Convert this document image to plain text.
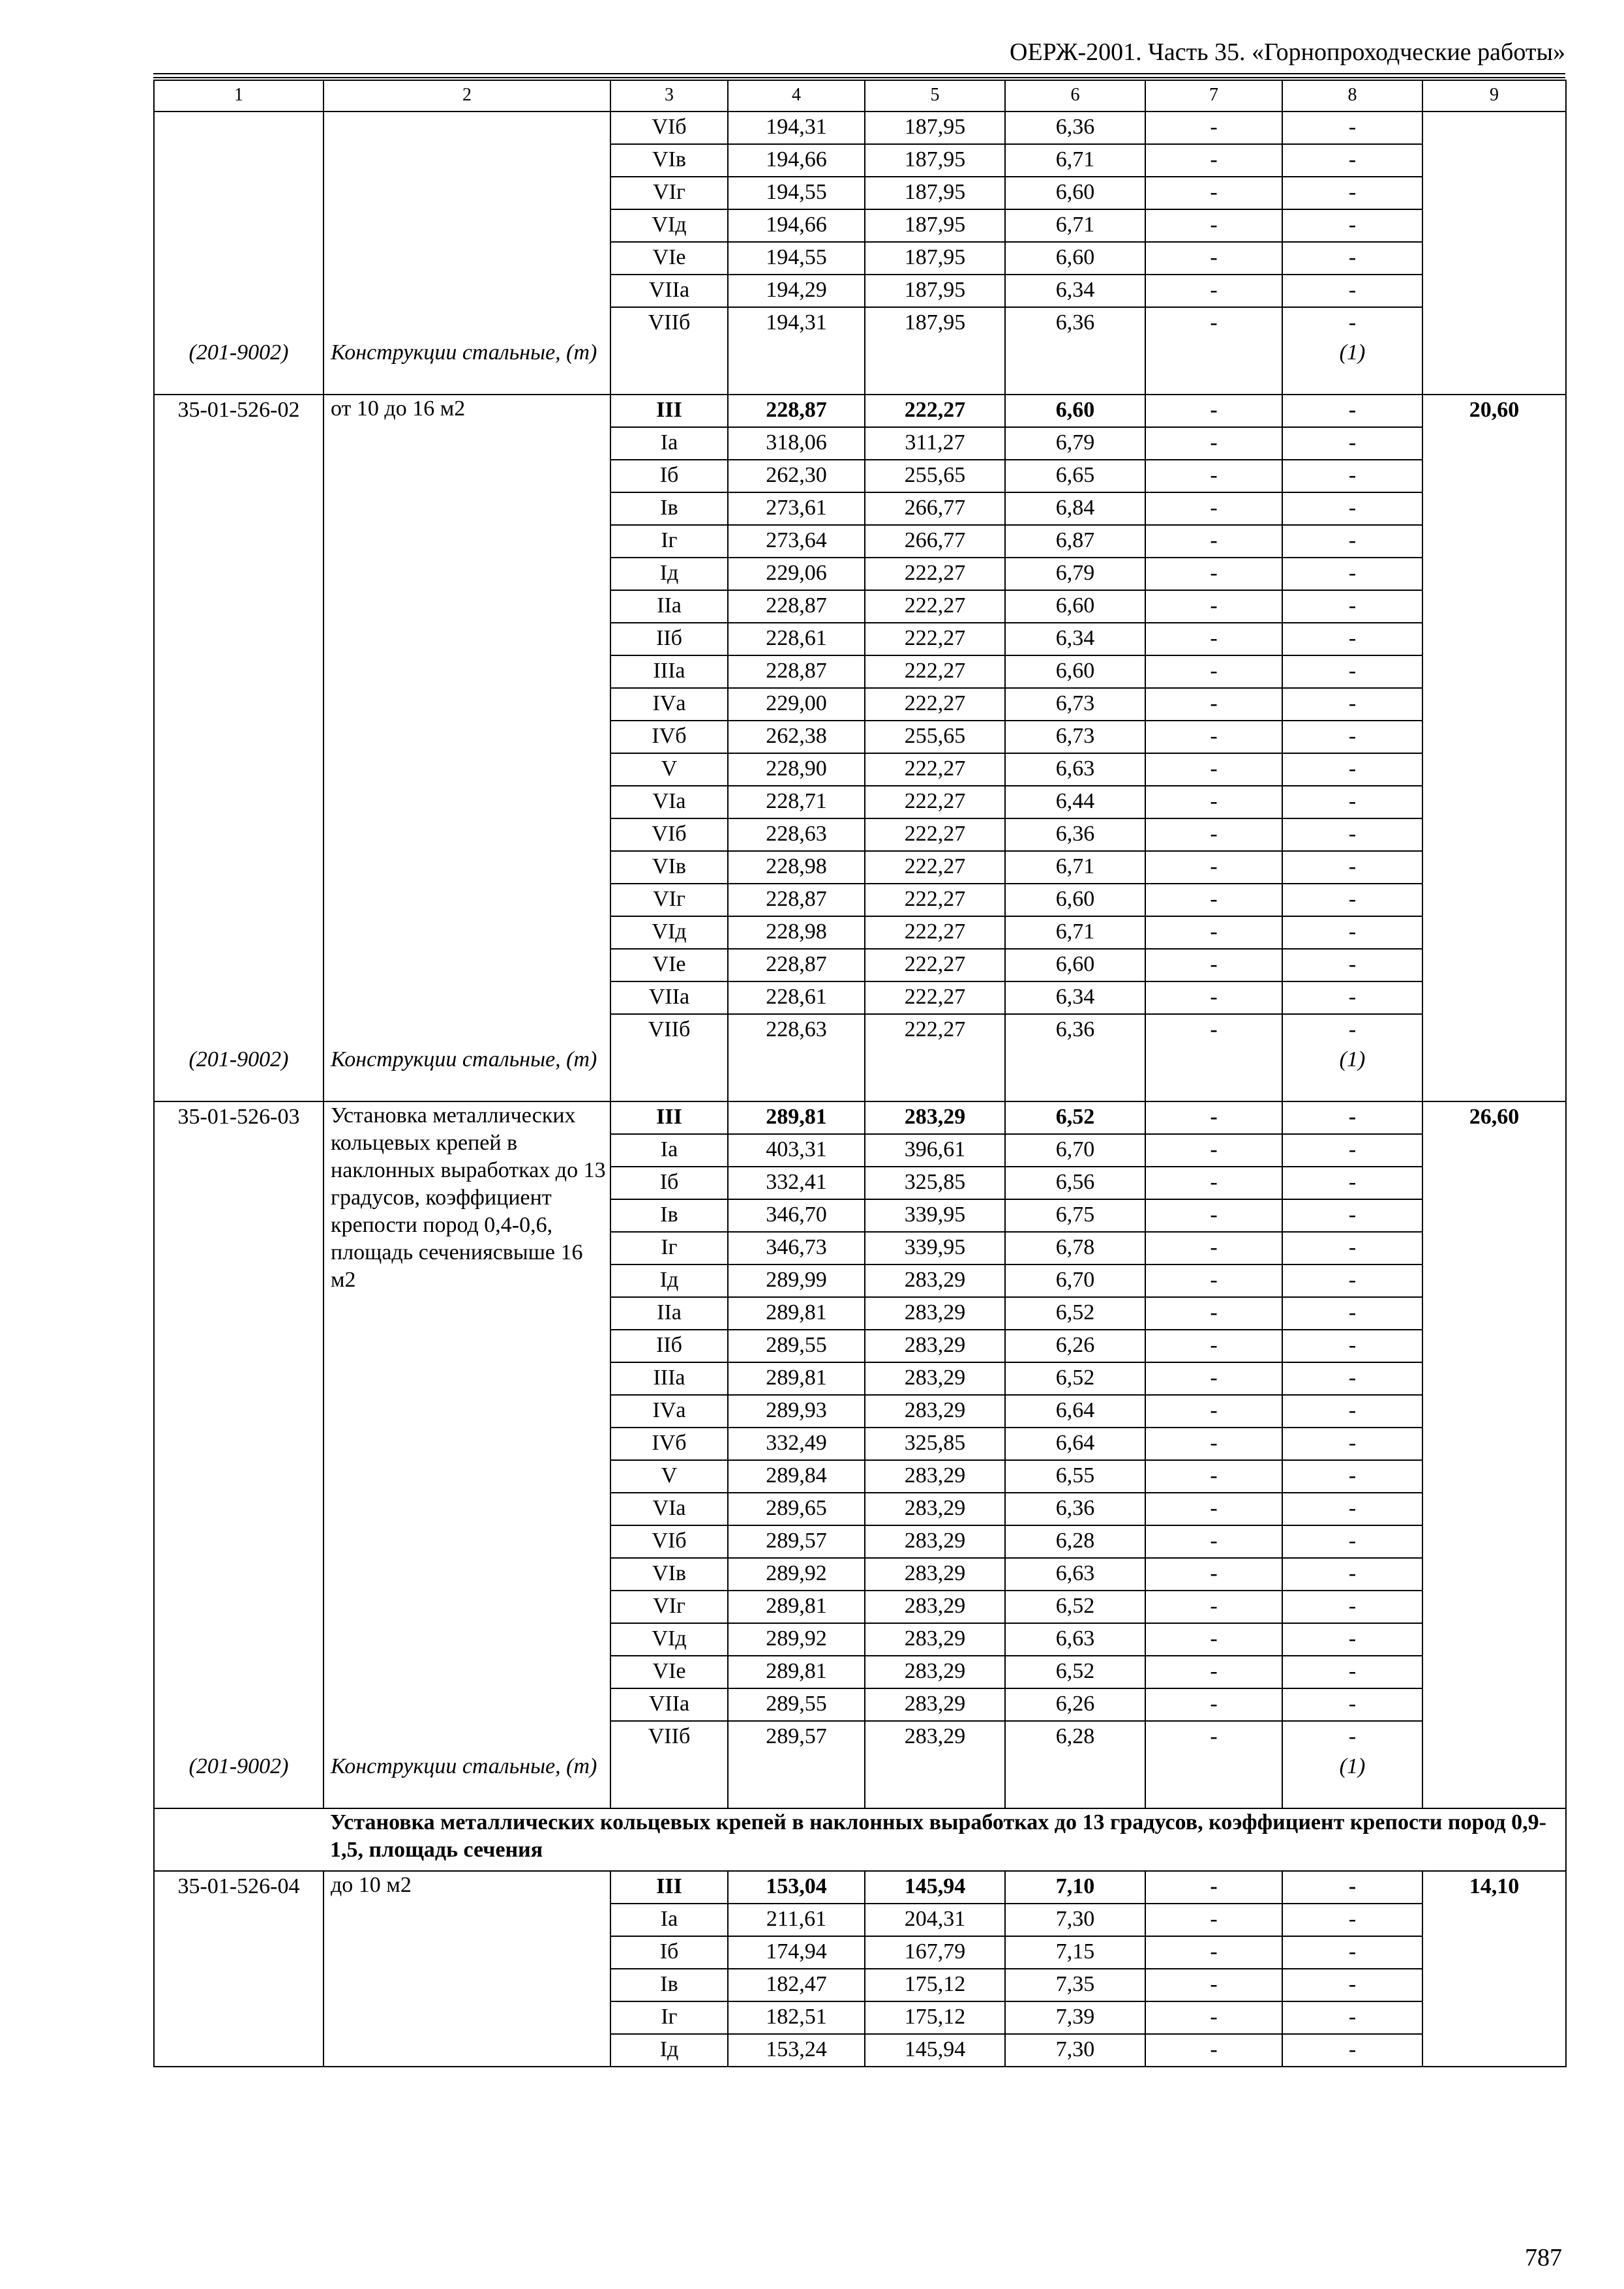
ОЕРЖ-2001. Часть 35. «Горнопроходческие работы»
1	2	3	4	5	6	7	8	9
		VIб	194,31	187,95	6,36	-	-	
		VIв	194,66	187,95	6,71	-	-	
		VIг	194,55	187,95	6,60	-	-	
		VIд	194,66	187,95	6,71	-	-	
		VIе	194,55	187,95	6,60	-	-	
		VIIа	194,29	187,95	6,34	-	-	
		VIIб	194,31	187,95	6,36	-	-	
(201-9002)	Конструкции стальные, (т)						(1)	
35-01-526-02	от 10 до 16 м2	III	228,87	222,27	6,60	-	-	20,60
		Iа	318,06	311,27	6,79	-	-	
		Iб	262,30	255,65	6,65	-	-	
		Iв	273,61	266,77	6,84	-	-	
		Iг	273,64	266,77	6,87	-	-	
		Iд	229,06	222,27	6,79	-	-	
		IIа	228,87	222,27	6,60	-	-	
		IIб	228,61	222,27	6,34	-	-	
		IIIа	228,87	222,27	6,60	-	-	
		IVа	229,00	222,27	6,73	-	-	
		IVб	262,38	255,65	6,73	-	-	
		V	228,90	222,27	6,63	-	-	
		VIа	228,71	222,27	6,44	-	-	
		VIб	228,63	222,27	6,36	-	-	
		VIв	228,98	222,27	6,71	-	-	
		VIг	228,87	222,27	6,60	-	-	
		VIд	228,98	222,27	6,71	-	-	
		VIе	228,87	222,27	6,60	-	-	
		VIIа	228,61	222,27	6,34	-	-	
		VIIб	228,63	222,27	6,36	-	-	
(201-9002)	Конструкции стальные, (т)						(1)	
35-01-526-03	Установка металлических кольцевых крепей в наклонных выработках до 13 градусов, коэффициент крепости пород 0,4-0,6, площадь сечениясвыше 16 м2	III	289,81	283,29	6,52	-	-	26,60
		Iа	403,31	396,61	6,70	-	-	
		Iб	332,41	325,85	6,56	-	-	
		Iв	346,70	339,95	6,75	-	-	
		Iг	346,73	339,95	6,78	-	-	
		Iд	289,99	283,29	6,70	-	-	
		IIа	289,81	283,29	6,52	-	-	
		IIб	289,55	283,29	6,26	-	-	
		IIIа	289,81	283,29	6,52	-	-	
		IVа	289,93	283,29	6,64	-	-	
		IVб	332,49	325,85	6,64	-	-	
		V	289,84	283,29	6,55	-	-	
		VIа	289,65	283,29	6,36	-	-	
		VIб	289,57	283,29	6,28	-	-	
		VIв	289,92	283,29	6,63	-	-	
		VIг	289,81	283,29	6,52	-	-	
		VIд	289,92	283,29	6,63	-	-	
		VIе	289,81	283,29	6,52	-	-	
		VIIа	289,55	283,29	6,26	-	-	
		VIIб	289,57	283,29	6,28	-	-	
(201-9002)	Конструкции стальные, (т)						(1)	
	Установка металлических кольцевых крепей в наклонных выработках до 13 градусов, коэффициент крепости пород 0,9-1,5, площадь сечения							
35-01-526-04	до 10 м2	III	153,04	145,94	7,10	-	-	14,10
		Iа	211,61	204,31	7,30	-	-	
		Iб	174,94	167,79	7,15	-	-	
		Iв	182,47	175,12	7,35	-	-	
		Iг	182,51	175,12	7,39	-	-	
		Iд	153,24	145,94	7,30	-	-	
787
